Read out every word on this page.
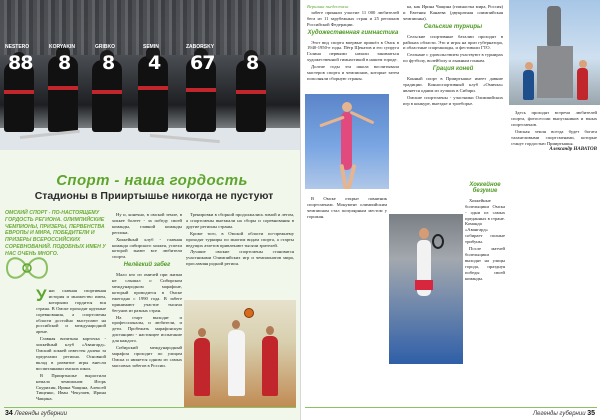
NESTERO
88
KORYAKIN
8
GRIBKO
8
SEMIN
4
ZABORSKY
67 8
Спорт - наша гордость
Стадионы в Прииртышье никогда не пустуют
ОМСКИЙ СПОРТ - ПО-НАСТОЯЩЕМУ ГОРДОСТЬ РЕГИОНА. ОЛИМПИЙСКИЕ ЧЕМПИОНЫ, ПРИЗЕРЫ, ПЕРВЕНСТВА ЕВРОПЫ И МИРА, ПОБЕДИТЕЛИ И ПРИЗЕРЫ ВСЕРОССИЙСКИХ СОРЕВНОВАНИЙ. ПОДОБНЫХ ИМЕН У НАС ОЧЕНЬ МНОГО.

Унас славная спортивная история и множество имен, которыми гордится вся страна. В Омске проходят крупные соревнования, а спортсмены области достойно выступают на российской и международной арене.

Главная визитная карточка - хоккейный клуб «Авангард». Омский хоккей известен далеко за пределами региона. Основной вклад в развитие игры внесли воспитанники омских школ.

В Прииртышье вырастили немало чемпионов: Игорь Скурихин, Ирина Чащина, Алексей Тищенко, Иван Чекулаев, Ирина Чащина.

Ну и, конечно, в омской земле, в хоккее болеет - за победу своей команды, главной команды региона.

Хоккейный клуб - главная команда сибирского хоккея, успехи которой знают все любители спорта.

Нелёгкий забег

Мало кто из омичей при жизни не слышал о Сибирском международном марафоне, который проводится в Омске ежегодно с 1990 года. В забеге принимают участие тысячи бегунов из разных стран.

На старт выходят и профессионалы, и любители, и дети. Пробежать марафонскую дистанцию - настоящее испытание для каждого.

Сибирский международный марафон проходит по улицам Омска и является одним из самых массовых забегов в России.

Тренировки в сборной продолжались зимой и летом, а спортсмены выезжали на сборы и соревнования в другие регионы страны.

Кроме того, в Омской области по-прежнему проходят турниры по многим видам спорта, а старты ведущих атлетов привлекают тысячи зрителей.

Лучшие омские спортсмены становятся участниками Олимпийских игр и чемпионатов мира, прославляя родной регион.

34 Легенды губернии
Вершина пьедестала

забеге приняли участие 11 000 любителей бега из 11 зарубежных стран и 25 регионов Российской Федерации.

Художественная гимнастика

Этот вид спорта впервые пришёл в Омск в 1940-1950-е годы. Пётр Щекатов и его супруга Галина первыми начали заниматься художественной гимнастикой в нашем городе.

Долгие годы эта школа воспитывала мастеров спорта и чемпионов, которые затем пополняли сборную страны.

В Омске открыт памятник спортсменам. Монумент олимпийским чемпионам стал популярным местом у горожан.

ка, как Ирина Чащина (гимнастка мира, Россия) и Евгения Канаева (двукратная олимпийская чемпионка).

Сельские турниры

Сельские спортивные баталии проходят в районах области. Это и игры на приз губернатора, и областные спартакиады, и фестивали ГТО.

Сельчане с удовольствием участвуют в турнирах по футболу, волейболу и лыжным гонкам.

Грация коней

Конный спорт в Прииртышье имеет давние традиции. Конноспортивный клуб «Омичка» является одним из лучших в Сибири.

Омские спортсмены - участники Олимпийских игр в конкуре, выездке и троеборье.

Хоккейное безумие

Хоккейные болельщики Омска - одни из самых преданных в стране. Команда «Авангард» собирает полные трибуны.

После матчей болельщики выходят на улицы города, празднуя победы своей команды.

Здесь проходят встречи любителей спорта, фотосессии выпускников и юных спортсменов.

Омская земля всегда будет богата талантливыми спортсменами, которые станут гордостью Прииртышья.

Александр НАВАТОВ
Легенды губернии 35
